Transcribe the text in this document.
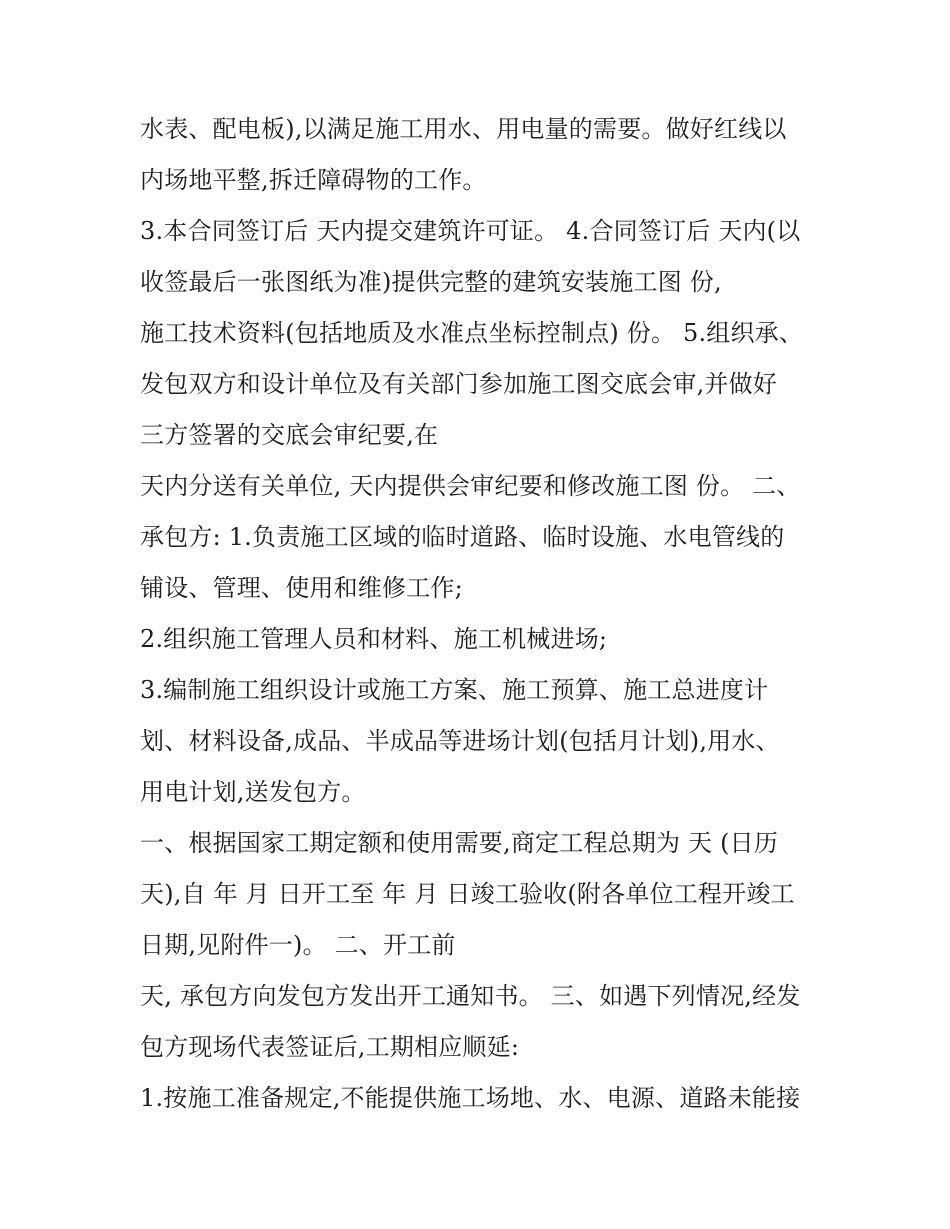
水表、配电板),以满足施工用水、用电量的需要。做好红线以
内场地平整,拆迁障碍物的工作。
3.本合同签订后 天内提交建筑许可证。 4.合同签订后 天内(以
收签最后一张图纸为准)提供完整的建筑安装施工图 份,
施工技术资料(包括地质及水准点坐标控制点) 份。 5.组织承、
发包双方和设计单位及有关部门参加施工图交底会审,并做好
三方签署的交底会审纪要,在
天内分送有关单位, 天内提供会审纪要和修改施工图 份。 二、
承包方: 1.负责施工区域的临时道路、临时设施、水电管线的
铺设、管理、使用和维修工作;
2.组织施工管理人员和材料、施工机械进场;
3.编制施工组织设计或施工方案、施工预算、施工总进度计
划、材料设备,成品、半成品等进场计划(包括月计划),用水、
用电计划,送发包方。
一、根据国家工期定额和使用需要,商定工程总期为 天 (日历
天),自 年 月 日开工至 年 月 日竣工验收(附各单位工程开竣工
日期,见附件一)。 二、开工前
天, 承包方向发包方发出开工通知书。 三、如遇下列情况,经发
包方现场代表签证后,工期相应顺延:
1.按施工准备规定,不能提供施工场地、水、电源、道路未能接
